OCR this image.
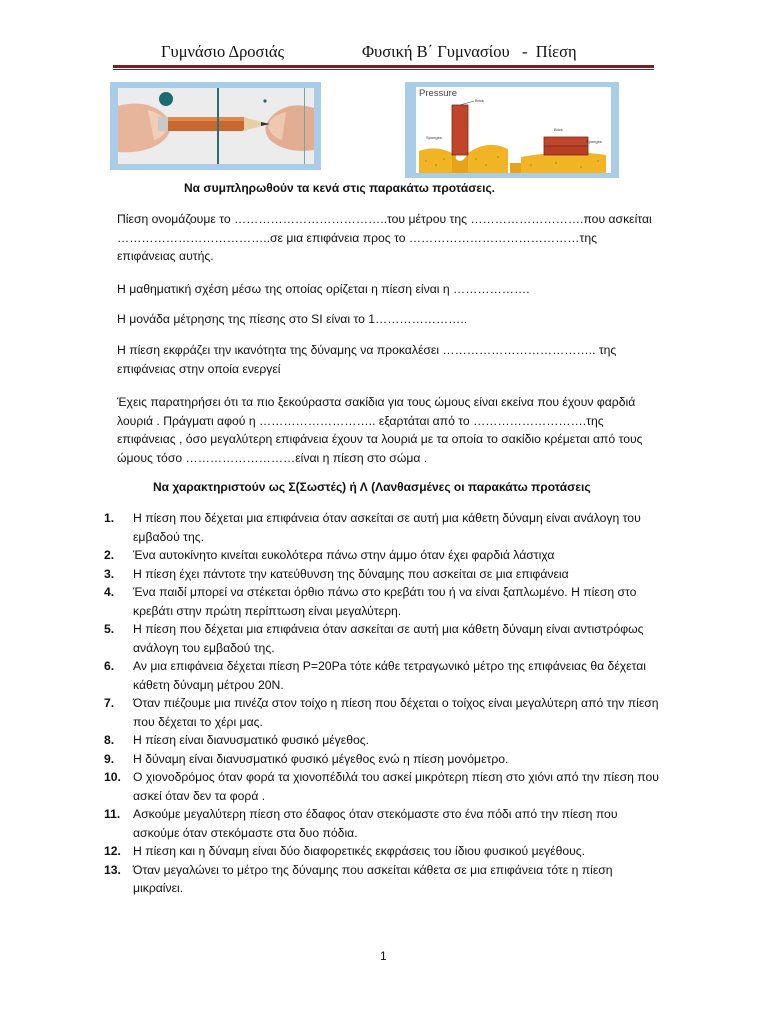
Γυμνάσιο Δροσιάς	Φυσική Β΄ Γυμνασίου   -  Πίεση
Pressure
Brick
Sponges
Brick
Sponges
Να συμπληρωθούν τα κενά στις παρακάτω προτάσεις.
Πίεση ονομάζουμε το ………………………………..του μέτρου της ……………………….που ασκείται ………………………………..σε μια επιφάνεια προς το ……………………………………της επιφάνειας αυτής.
Η μαθηματική σχέση μέσω της οποίας ορίζεται η πίεση είναι η ……………….
Η μονάδα μέτρησης της πίεσης στο SI είναι το 1…………………..
Η πίεση εκφράζει την ικανότητα της δύναμης να προκαλέσει ……………………………….. της επιφάνειας στην οποία ενεργεί
Έχεις παρατηρήσει ότι τα πιο ξεκούραστα σακίδια για τους ώμους είναι εκείνα που έχουν φαρδιά λουριά . Πράγματι αφού η ……………………….. εξαρτάται από το ……………………….της επιφάνειας , όσο μεγαλύτερη επιφάνεια έχουν τα λουριά με τα οποία το σακίδιο κρέμεται από τους ώμους τόσο ………………………είναι η πίεση στο σώμα .
Να χαρακτηριστούν ως Σ(Σωστές) ή Λ (Λανθασμένες οι παρακάτω προτάσεις
1.	Η πίεση που δέχεται μια επιφάνεια όταν ασκείται σε αυτή μια κάθετη δύναμη είναι ανάλογη του εμβαδού της.
2.	Ένα αυτοκίνητο κινείται ευκολότερα πάνω στην άμμο όταν έχει φαρδιά λάστιχα
3.	Η πίεση έχει πάντοτε την κατεύθυνση της δύναμης που ασκείται σε μια επιφάνεια
4.	Ένα παιδί μπορεί να στέκεται όρθιο πάνω στο κρεβάτι του ή να είναι ξαπλωμένο. Η πίεση στο κρεβάτι στην πρώτη περίπτωση είναι μεγαλύτερη.
5.	Η πίεση που δέχεται μια επιφάνεια όταν ασκείται σε αυτή μια κάθετη δύναμη είναι αντιστρόφως ανάλογη του εμβαδού της.
6.	Αν μια επιφάνεια δέχεται πίεση P=20Pa τότε κάθε τετραγωνικό μέτρο της επιφάνειας θα δέχεται κάθετη δύναμη μέτρου 20Ν.
7.	Όταν πιέζουμε μια πινέζα στον τοίχο η πίεση που δέχεται ο τοίχος είναι μεγαλύτερη από την πίεση που δέχεται το χέρι μας.
8.	Η πίεση είναι διανυσματικό φυσικό μέγεθος.
9.	Η δύναμη είναι διανυσματικό φυσικό μέγεθος ενώ η πίεση μονόμετρο.
10. Ο χιονοδρόμος όταν φορά τα χιονοπέδιλά του ασκεί μικρότερη πίεση στο χιόνι από την πίεση που ασκεί όταν δεν τα φορά .
11.	Ασκούμε μεγαλύτερη πίεση στο έδαφος όταν στεκόμαστε στο ένα πόδι από την πίεση που ασκούμε όταν στεκόμαστε στα δυο πόδια.
12. Η πίεση και η δύναμη είναι δύο διαφορετικές εκφράσεις του ίδιου φυσικού μεγέθους.
13. Όταν μεγαλώνει το μέτρο της δύναμης που ασκείται κάθετα σε μια επιφάνεια τότε η πίεση μικραίνει.
1
